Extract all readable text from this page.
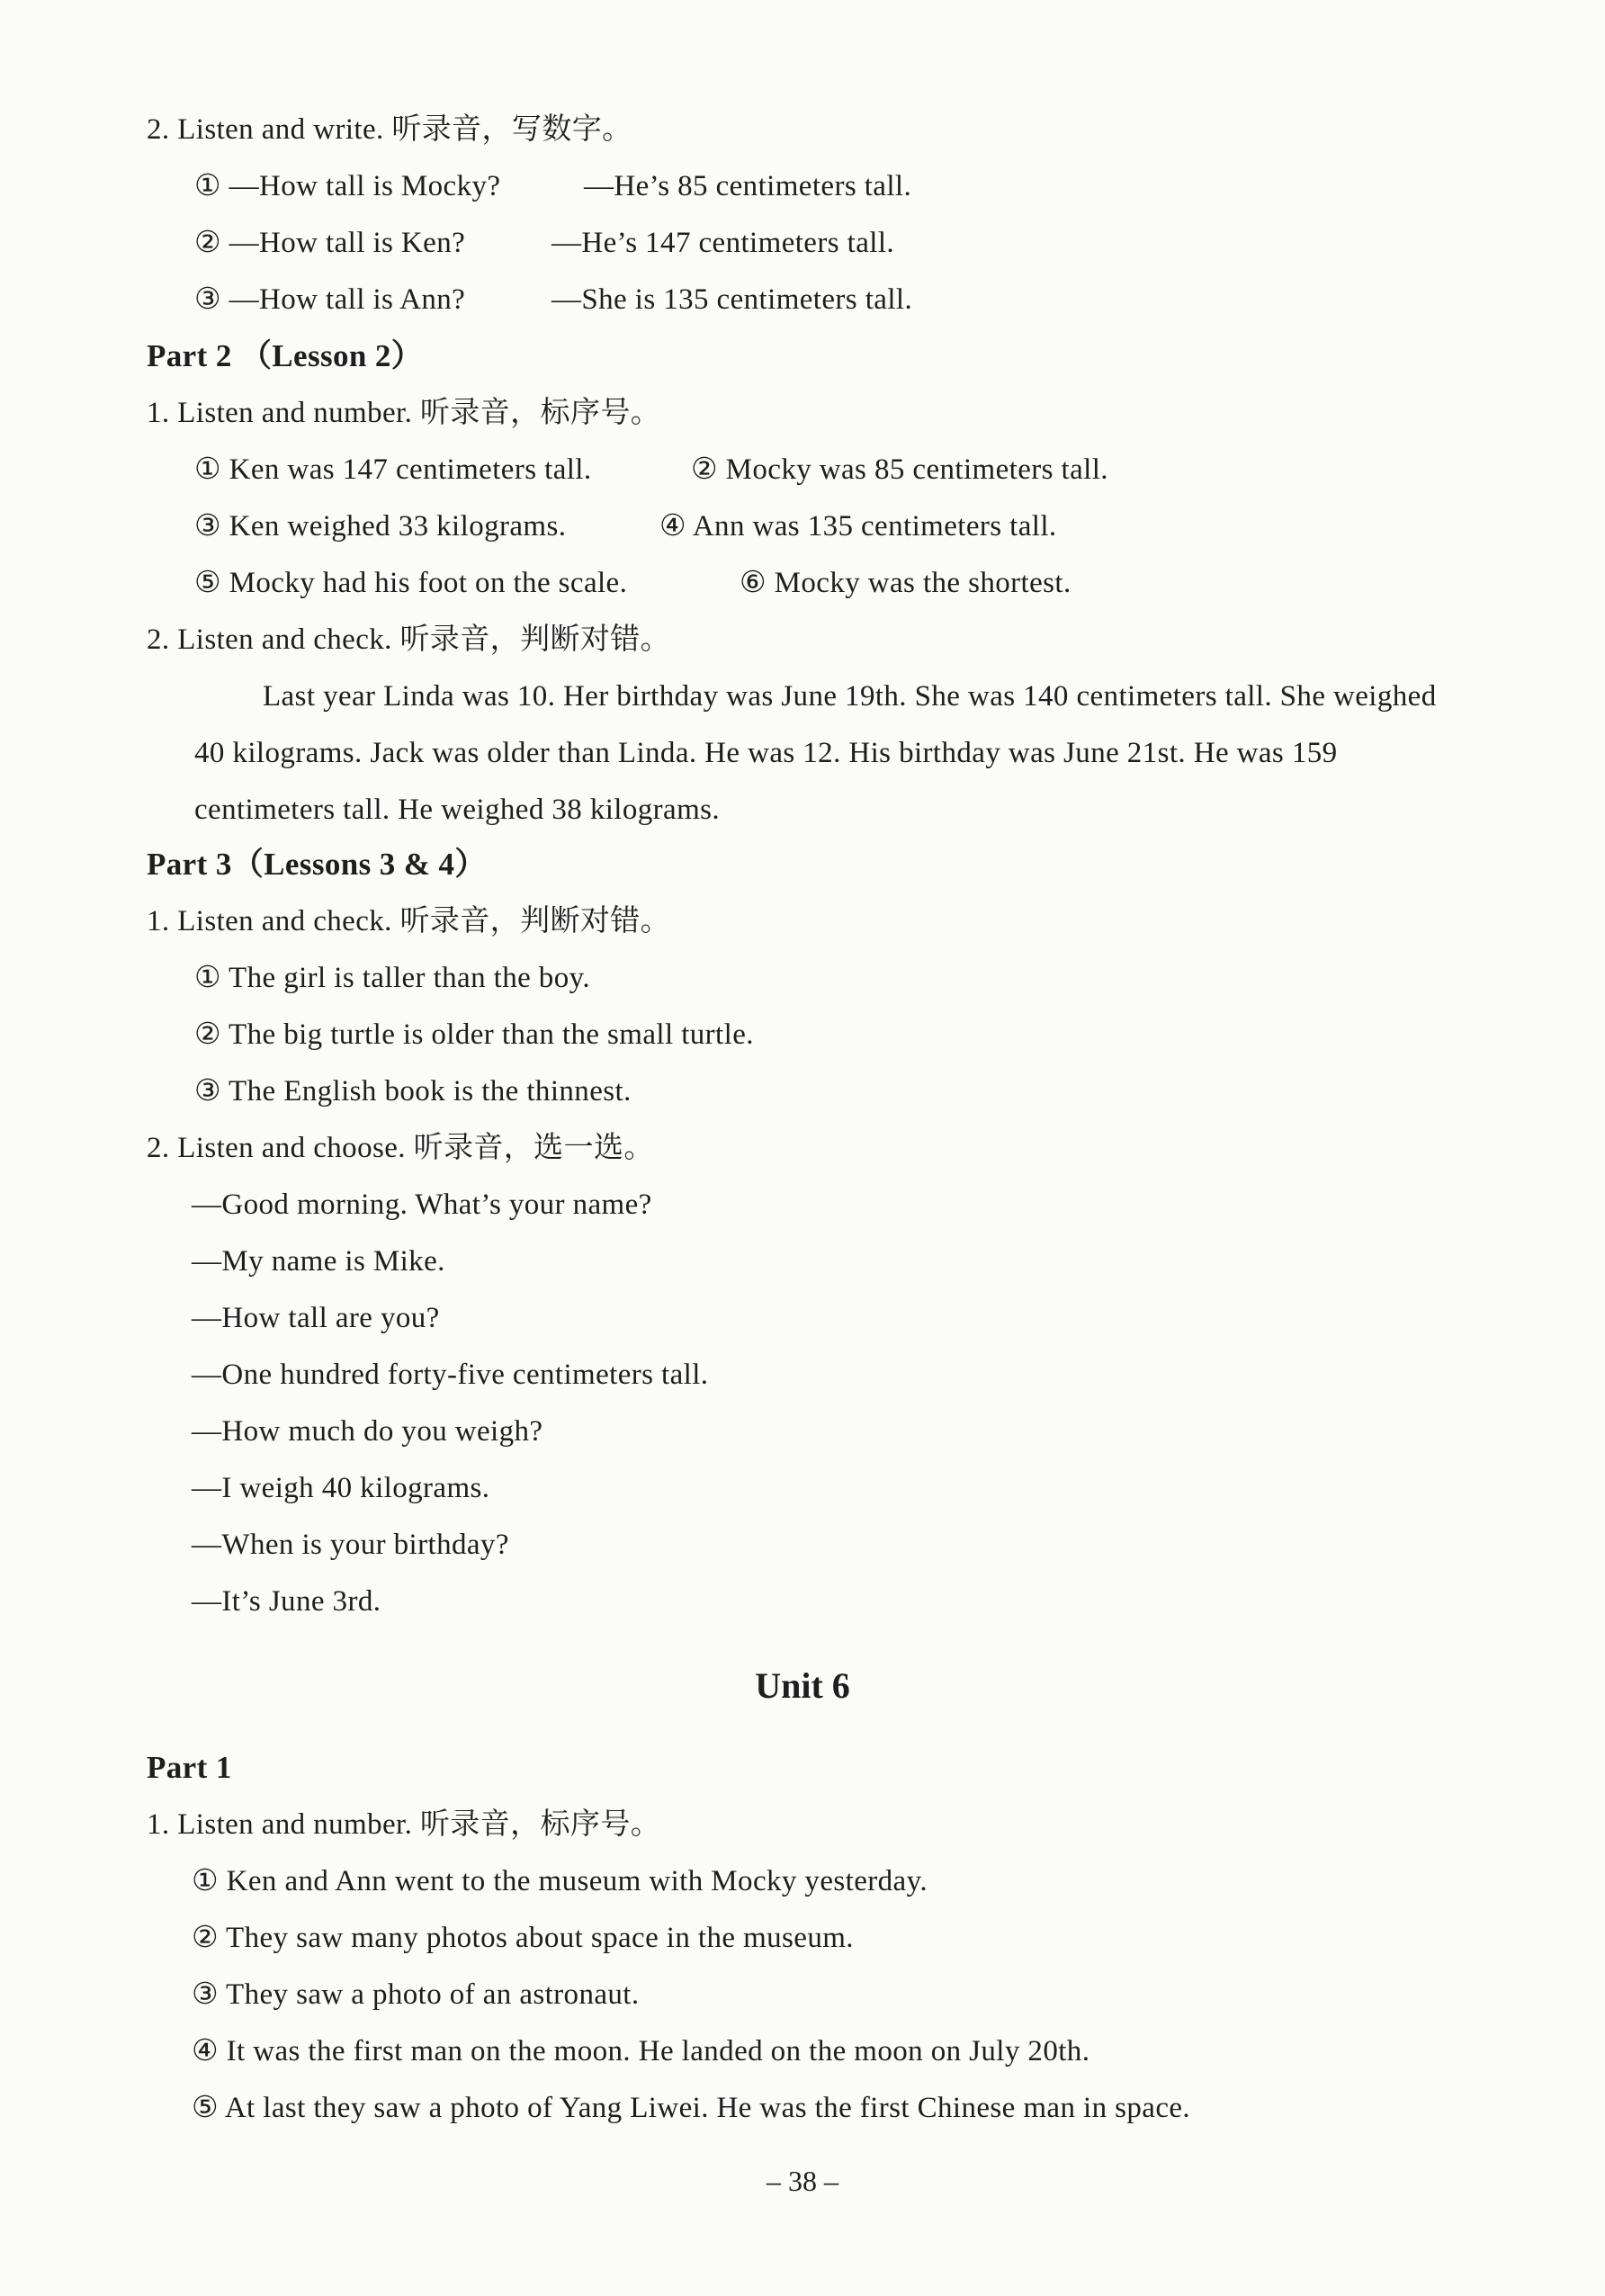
2. Listen and write. 听录音，写数字。
① —How tall is Mocky?	—He’s 85 centimeters tall.
② —How tall is Ken?	—He’s 147 centimeters tall.
③ —How tall is Ann?	—She is 135 centimeters tall.
Part 2 （Lesson 2）
1. Listen and number. 听录音，标序号。
① Ken was 147 centimeters tall.	② Mocky was 85 centimeters tall.
③ Ken weighed 33 kilograms.	④ Ann was 135 centimeters tall.
⑤ Mocky had his foot on the scale.	⑥ Mocky was the shortest.
2. Listen and check. 听录音，判断对错。
Last year Linda was 10. Her birthday was June 19th. She was 140 centimeters tall. She weighed 40 kilograms. Jack was older than Linda. He was 12. His birthday was June 21st. He was 159 centimeters tall. He weighed 38 kilograms.
Part 3（Lessons 3 & 4）
1. Listen and check. 听录音，判断对错。
① The girl is taller than the boy.
② The big turtle is older than the small turtle.
③ The English book is the thinnest.
2. Listen and choose. 听录音，选一选。
—Good morning. What’s your name?
—My name is Mike.
—How tall are you?
—One hundred forty-five centimeters tall.
—How much do you weigh?
—I weigh 40 kilograms.
—When is your birthday?
—It’s June 3rd.
Unit 6
Part 1
1. Listen and number. 听录音，标序号。
① Ken and Ann went to the museum with Mocky yesterday.
② They saw many photos about space in the museum.
③ They saw a photo of an astronaut.
④ It was the first man on the moon. He landed on the moon on July 20th.
⑤ At last they saw a photo of Yang Liwei. He was the first Chinese man in space.
– 38 –
